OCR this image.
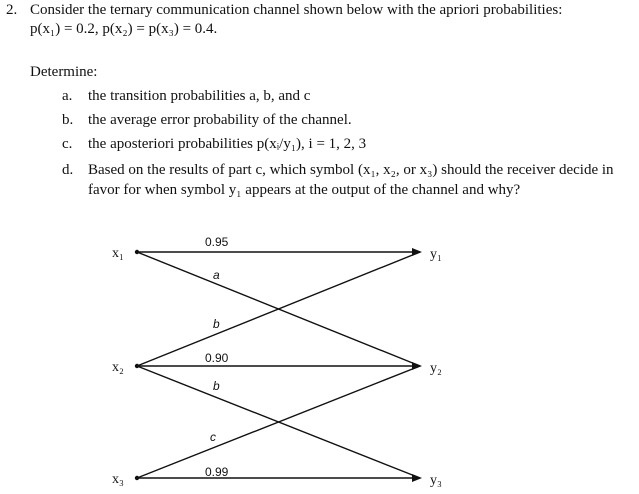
2. Consider the ternary communication channel shown below with the apriori probabilities:
p(x₁) = 0.2, p(x₂) = p(x₃) = 0.4.
Determine:
a. the transition probabilities a, b, and c
b. the average error probability of the channel.
c. the aposteriori probabilities p(xᵢ/y₁), i = 1, 2, 3
d. Based on the results of part c, which symbol (x₁, x₂, or x₃) should the receiver decide in
favor for when symbol y₁ appears at the output of the channel and why?
x₁
x₂
x₃
y₁
y₂
y₃
0.95
a
b
0.90
b
c
0.99
